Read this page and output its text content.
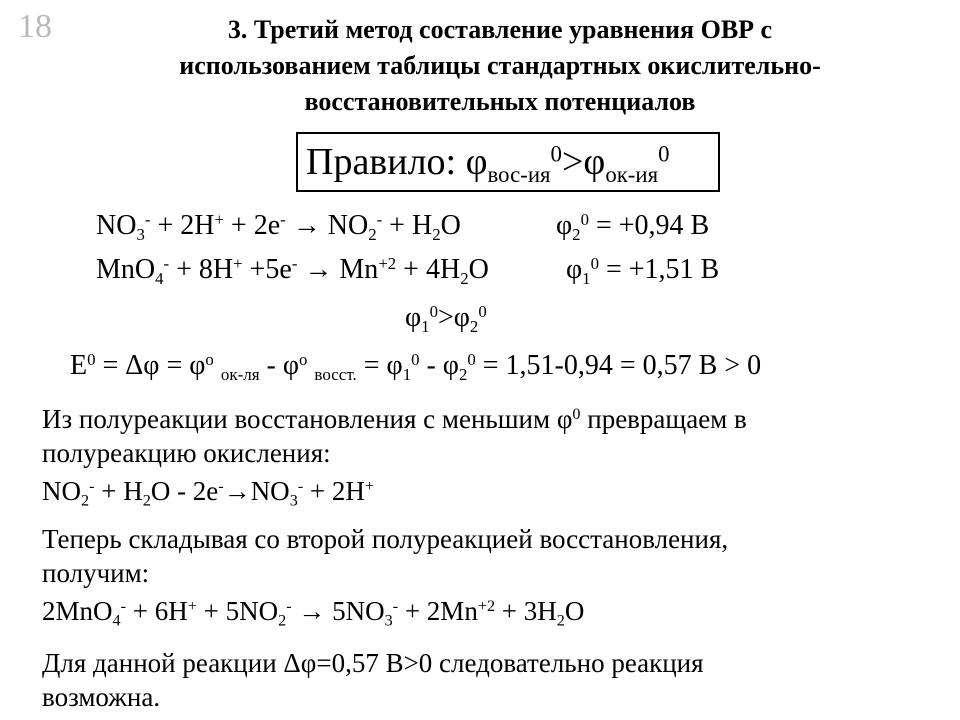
18	3. Третий метод составление уравнения ОВР с
использованием таблицы стандартных окислительно-
восстановительных потенциалов
Правило: $\varphi_{вос-ия}^0>\varphi_{ок-ия}^0$
$NO_3^- + 2H^+ + 2e^- \to NO_2^- + H_2O$	$\varphi_2^0 = +0,94$ В
$MnO_4^- + 8H^+ +5e^- \to Mn^{+2} + 4H_2O$	$\varphi_1^0 = +1,51$ В
$\varphi_1^0>\varphi_2^0$
$E^0 = \Delta\varphi = \varphi^o$ $_{ок-ля} - \varphi^o$ $_{восст.} = \varphi_1^0 - \varphi_2^0 = 1,51-0,94 = 0,57$ В > 0
Из полуреакции восстановления с меньшим $\varphi^0$ превращаем в
полуреакцию окисления:
$NO_2^- + H_2O - 2e^-\to NO_3^- + 2H^+$
Теперь складывая со второй полуреакцией восстановления,
получим:
$2MnO_4^- + 6H^+ + 5NO_2^- \to 5NO_3^- + 2Mn^{+2} + 3H_2O$
Для данной реакции Δφ=0,57 В>0 следовательно реакция
возможна.
